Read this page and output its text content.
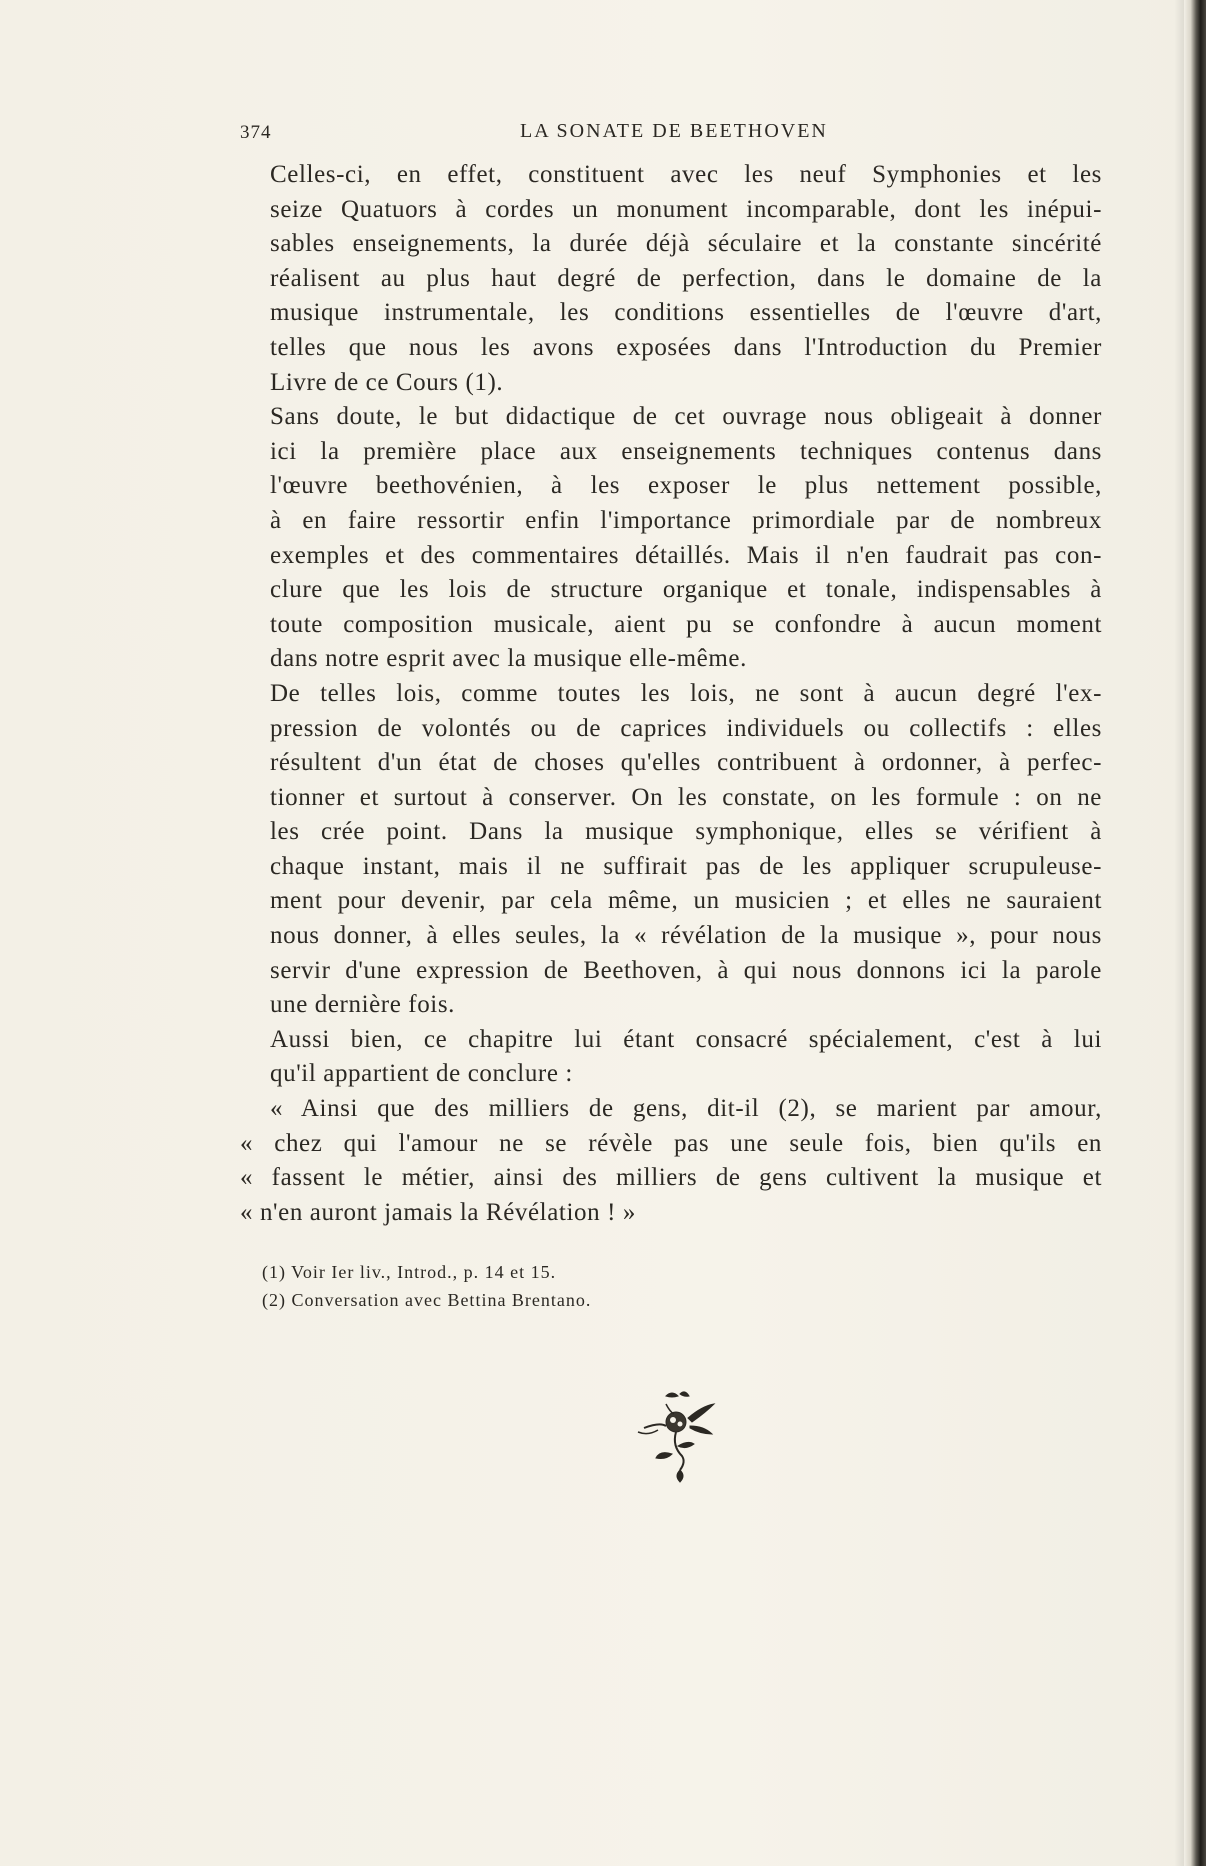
374	LA SONATE DE BEETHOVEN

Celles-ci, en effet, constituent avec les neuf Symphonies et les
seize Quatuors à cordes un monument incomparable, dont les inépui-
sables enseignements, la durée déjà séculaire et la constante sincérité
réalisent au plus haut degré de perfection, dans le domaine de la
musique instrumentale, les conditions essentielles de l'œuvre d'art,
telles que nous les avons exposées dans l'Introduction du Premier
Livre de ce Cours (1).

Sans doute, le but didactique de cet ouvrage nous obligeait à donner
ici la première place aux enseignements techniques contenus dans
l'œuvre beethovénien, à les exposer le plus nettement possible,
à en faire ressortir enfin l'importance primordiale par de nombreux
exemples et des commentaires détaillés. Mais il n'en faudrait pas con-
clure que les lois de structure organique et tonale, indispensables à
toute composition musicale, aient pu se confondre à aucun moment
dans notre esprit avec la musique elle-même.

De telles lois, comme toutes les lois, ne sont à aucun degré l'ex-
pression de volontés ou de caprices individuels ou collectifs : elles
résultent d'un état de choses qu'elles contribuent à ordonner, à perfec-
tionner et surtout à conserver. On les constate, on les formule : on ne
les crée point. Dans la musique symphonique, elles se vérifient à
chaque instant, mais il ne suffirait pas de les appliquer scrupuleuse-
ment pour devenir, par cela même, un musicien ; et elles ne sauraient
nous donner, à elles seules, la « révélation de la musique », pour nous
servir d'une expression de Beethoven, à qui nous donnons ici la parole
une dernière fois.

Aussi bien, ce chapitre lui étant consacré spécialement, c'est à lui
qu'il appartient de conclure :

« Ainsi que des milliers de gens, dit-il (2), se marient par amour,
« chez qui l'amour ne se révèle pas une seule fois, bien qu'ils en
« fassent le métier, ainsi des milliers de gens cultivent la musique et
« n'en auront jamais la Révélation ! »

(1) Voir Ier liv., Introd., p. 14 et 15.
(2) Conversation avec Bettina Brentano.
